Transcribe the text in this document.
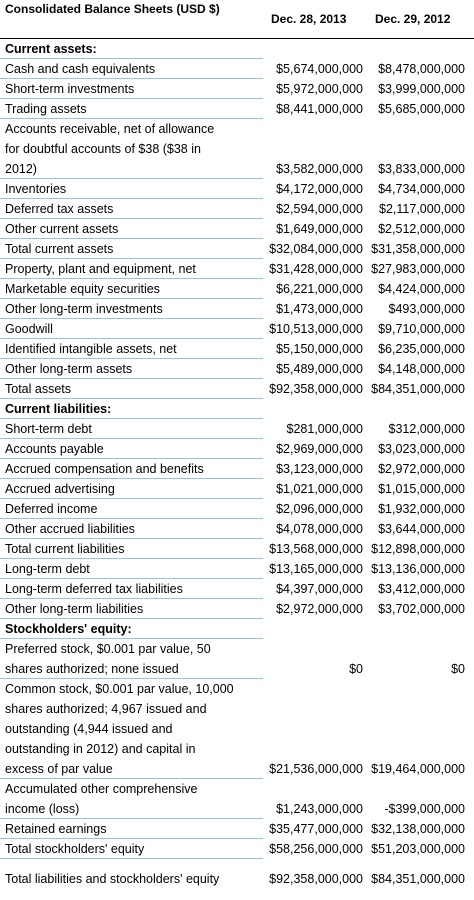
Consolidated Balance Sheets (USD $)
Dec. 28, 2013 Dec. 29, 2012
Current assets:
Cash and cash equivalents	$5,674,000,000 $8,478,000,000
Short-term investments	$5,972,000,000 $3,999,000,000
Trading assets	$8,441,000,000 $5,685,000,000
Accounts receivable, net of allowance
for doubtful accounts of $38 ($38 in
2012)	$3,582,000,000 $3,833,000,000
Inventories	$4,172,000,000 $4,734,000,000
Deferred tax assets	$2,594,000,000 $2,117,000,000
Other current assets	$1,649,000,000 $2,512,000,000
Total current assets	$32,084,000,000 $31,358,000,000
Property, plant and equipment, net	$31,428,000,000 $27,983,000,000
Marketable equity securities	$6,221,000,000 $4,424,000,000
Other long-term investments	$1,473,000,000 $493,000,000
Goodwill	$10,513,000,000 $9,710,000,000
Identified intangible assets, net	$5,150,000,000 $6,235,000,000
Other long-term assets	$5,489,000,000 $4,148,000,000
Total assets	$92,358,000,000 $84,351,000,000
Current liabilities:
Short-term debt	$281,000,000 $312,000,000
Accounts payable	$2,969,000,000 $3,023,000,000
Accrued compensation and benefits	$3,123,000,000 $2,972,000,000
Accrued advertising	$1,021,000,000 $1,015,000,000
Deferred income	$2,096,000,000 $1,932,000,000
Other accrued liabilities	$4,078,000,000 $3,644,000,000
Total current liabilities	$13,568,000,000 $12,898,000,000
Long-term debt	$13,165,000,000 $13,136,000,000
Long-term deferred tax liabilities	$4,397,000,000 $3,412,000,000
Other long-term liabilities	$2,972,000,000 $3,702,000,000
Stockholders' equity:
Preferred stock, $0.001 par value, 50
shares authorized; none issued	$0	$0
Common stock, $0.001 par value, 10,000
shares authorized; 4,967 issued and
outstanding (4,944 issued and
outstanding in 2012) and capital in
excess of par value	$21,536,000,000 $19,464,000,000
Accumulated other comprehensive
income (loss)	$1,243,000,000 -$399,000,000
Retained earnings	$35,477,000,000 $32,138,000,000
Total stockholders' equity	$58,256,000,000 $51,203,000,000
Total liabilities and stockholders' equity	$92,358,000,000 $84,351,000,000
